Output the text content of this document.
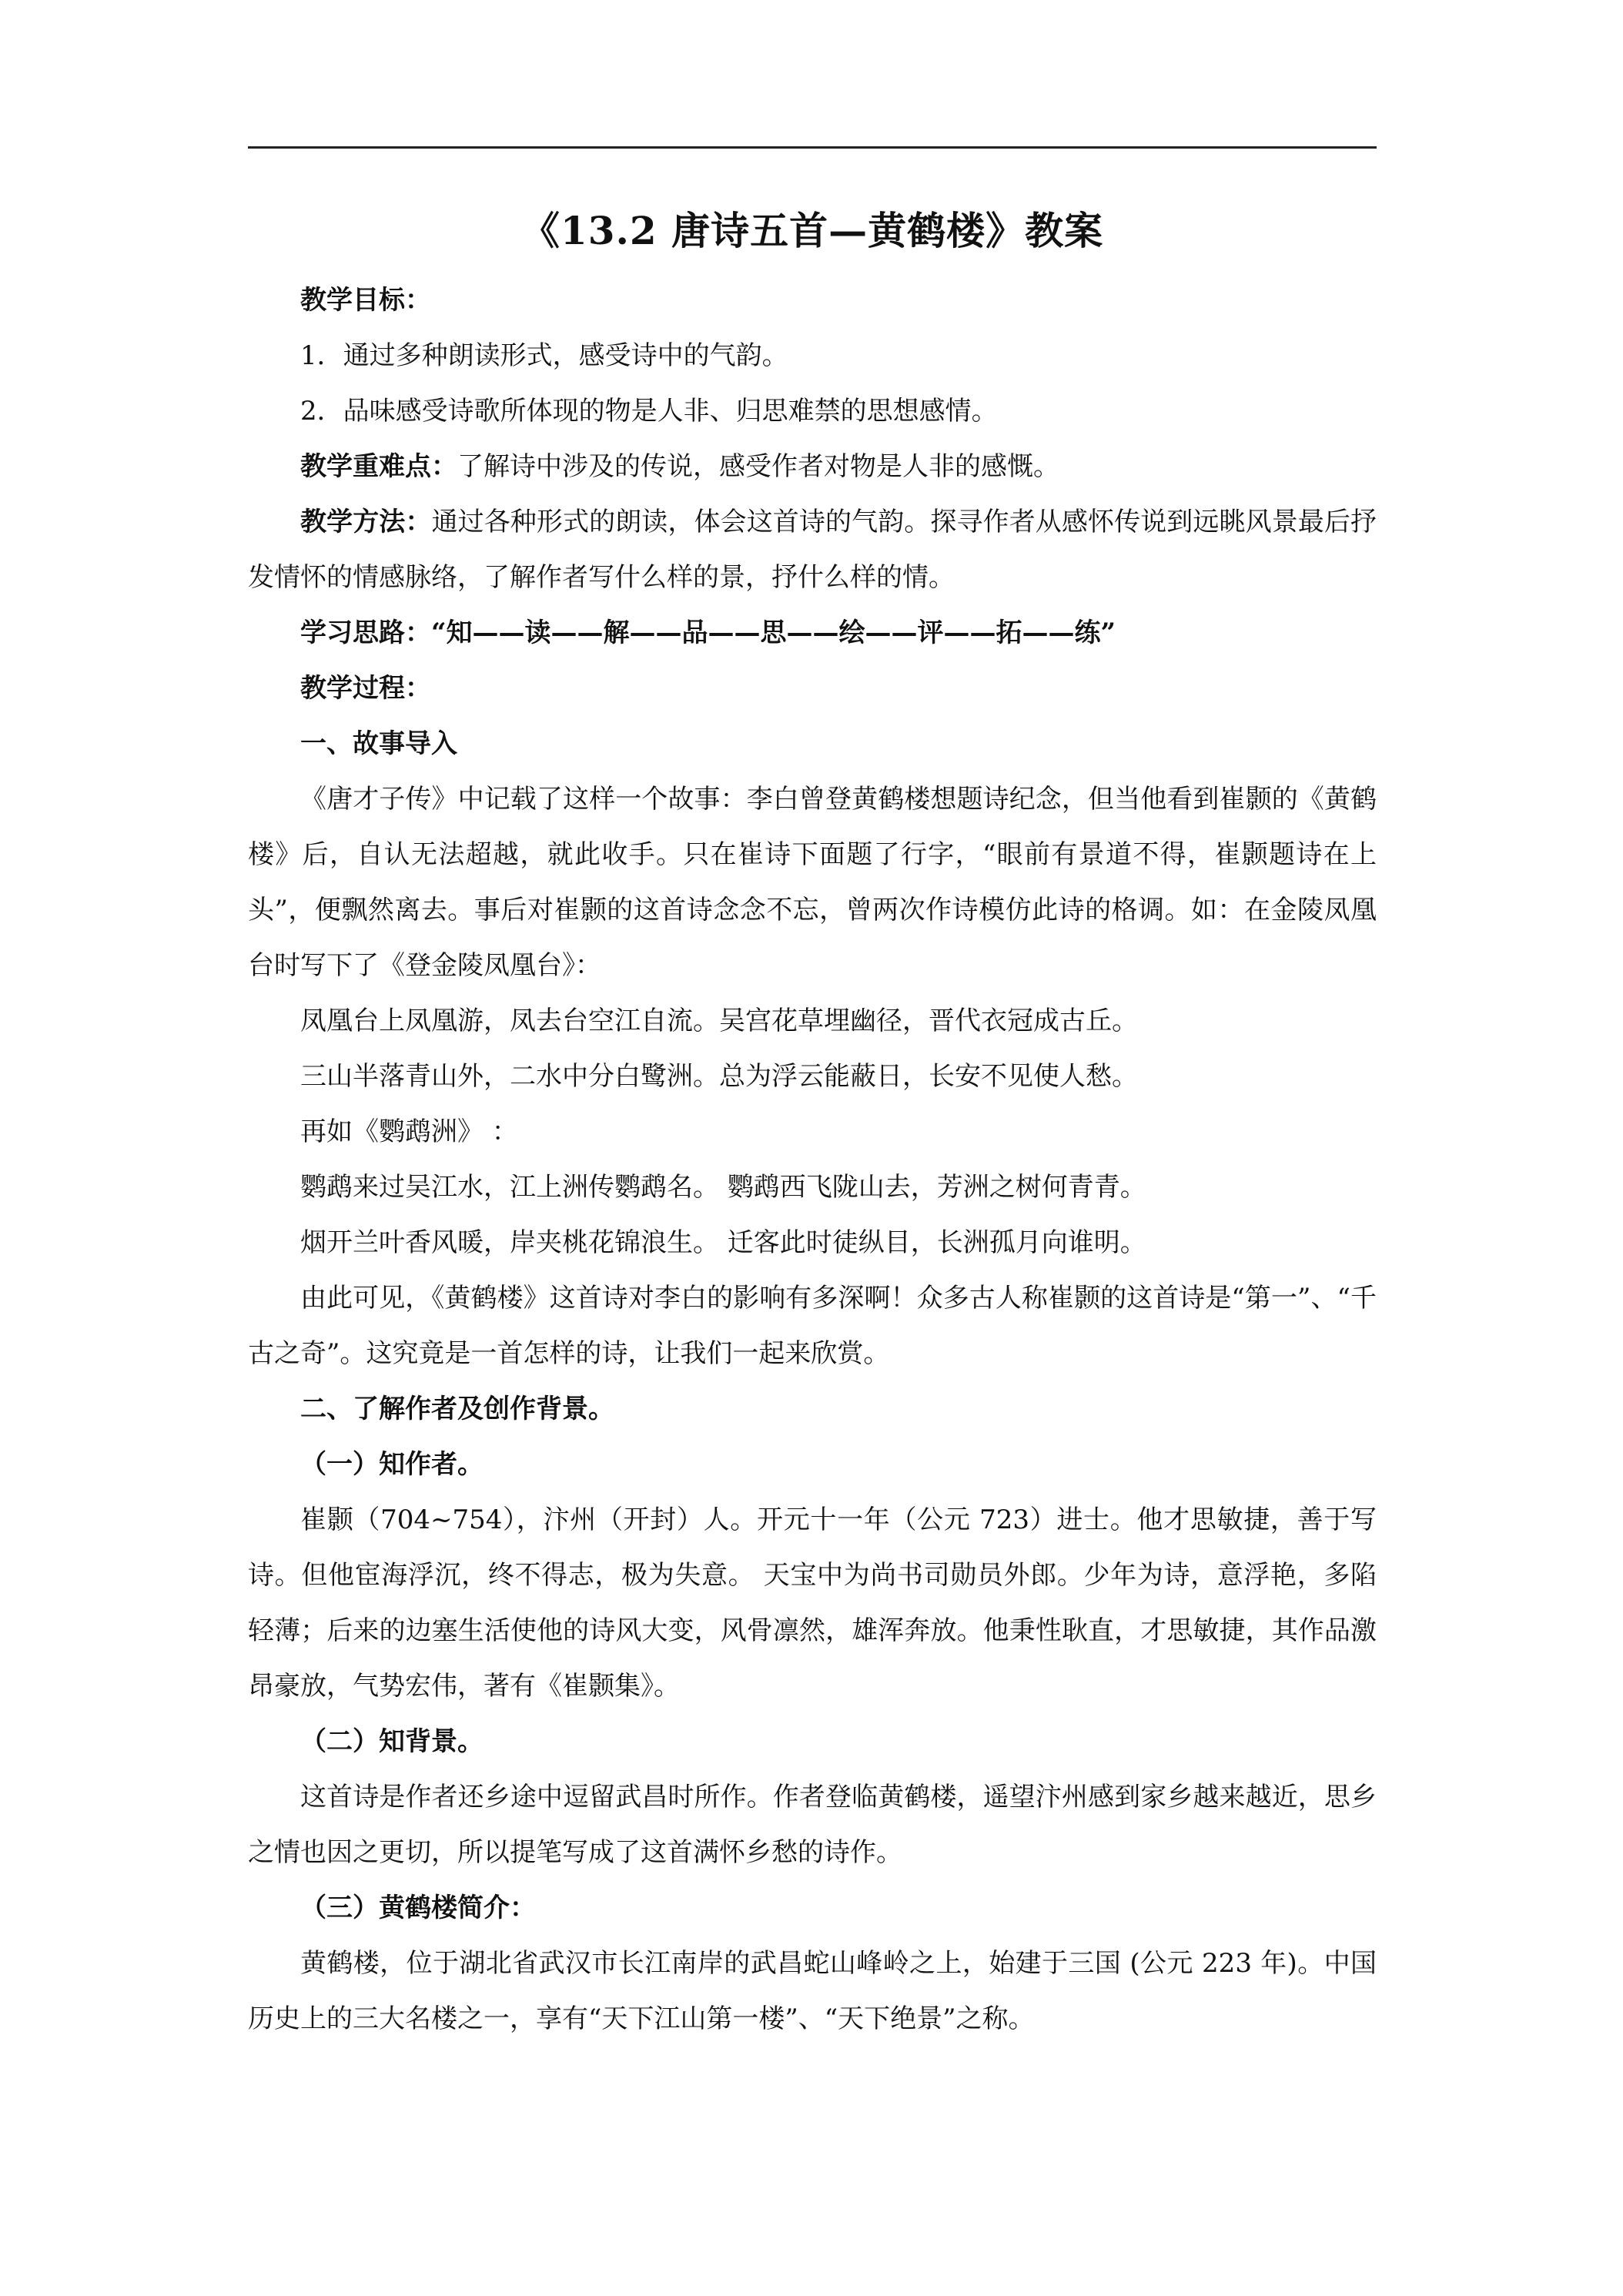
《13.2 唐诗五首—黄鹤楼》教案

教学目标：

1．通过多种朗读形式，感受诗中的气韵。

2．品味感受诗歌所体现的物是人非、归思难禁的思想感情。

教学重难点：了解诗中涉及的传说，感受作者对物是人非的感慨。

教学方法：通过各种形式的朗读，体会这首诗的气韵。探寻作者从感怀传说到远眺风景最后抒发情怀的情感脉络，了解作者写什么样的景，抒什么样的情。

学习思路：“知——读——解——品——思——绘——评——拓——练”

教学过程：

一、故事导入

《唐才子传》中记载了这样一个故事：李白曾登黄鹤楼想题诗纪念，但当他看到崔颢的《黄鹤楼》后，自认无法超越，就此收手。只在崔诗下面题了行字，“眼前有景道不得，崔颢题诗在上头”，便飘然离去。事后对崔颢的这首诗念念不忘，曾两次作诗模仿此诗的格调。如：在金陵凤凰台时写下了《登金陵凤凰台》：

凤凰台上凤凰游，凤去台空江自流。吴宫花草埋幽径，晋代衣冠成古丘。

三山半落青山外，二水中分白鹭洲。总为浮云能蔽日，长安不见使人愁。

再如《鹦鹉洲》 ：

鹦鹉来过吴江水，江上洲传鹦鹉名。 鹦鹉西飞陇山去，芳洲之树何青青。

烟开兰叶香风暖，岸夹桃花锦浪生。 迁客此时徒纵目，长洲孤月向谁明。

由此可见，《黄鹤楼》这首诗对李白的影响有多深啊！众多古人称崔颢的这首诗是“第一”、“千古之奇”。这究竟是一首怎样的诗，让我们一起来欣赏。

二、了解作者及创作背景。

（一）知作者。

崔颢（704~754），汴州（开封）人。开元十一年（公元 723）进士。他才思敏捷，善于写诗。但他宦海浮沉，终不得志，极为失意。 天宝中为尚书司勋员外郎。少年为诗，意浮艳，多陷轻薄；后来的边塞生活使他的诗风大变，风骨凛然，雄浑奔放。他秉性耿直，才思敏捷，其作品激昂豪放，气势宏伟，著有《崔颢集》。

（二）知背景。

这首诗是作者还乡途中逗留武昌时所作。作者登临黄鹤楼，遥望汴州感到家乡越来越近，思乡之情也因之更切，所以提笔写成了这首满怀乡愁的诗作。

（三）黄鹤楼简介：

黄鹤楼，位于湖北省武汉市长江南岸的武昌蛇山峰岭之上，始建于三国 (公元 223 年)。中国历史上的三大名楼之一，享有“天下江山第一楼”、“天下绝景”之称。
